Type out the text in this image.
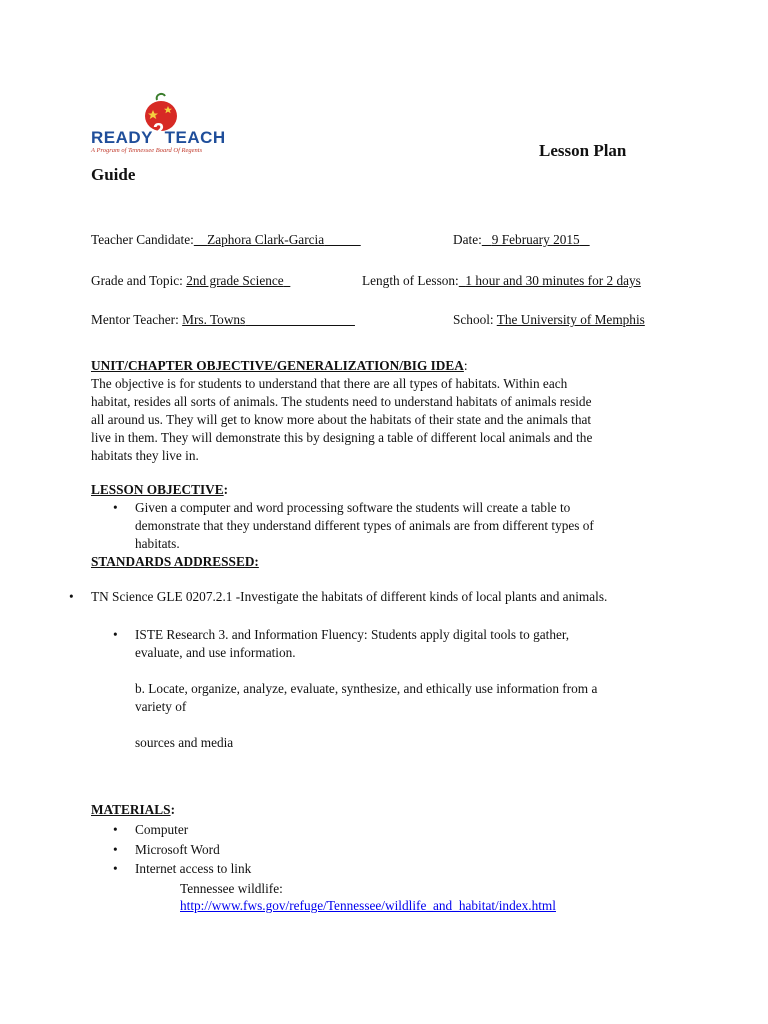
READY2TEACH
A Program of Tennessee Board Of Regents	Lesson Plan
Guide
Teacher Candidate: Zaphora Clark-Garcia	Date: 9 February 2015
Grade and Topic: 2nd grade Science	Length of Lesson: 1 hour and 30 minutes for 2 days
Mentor Teacher: Mrs. Towns	School: The University of Memphis
UNIT/CHAPTER OBJECTIVE/GENERALIZATION/BIG IDEA:
The objective is for students to understand that there are all types of habitats. Within each
habitat, resides all sorts of animals. The students need to understand habitats of animals reside
all around us. They will get to know more about the habitats of their state and the animals that
live in them. They will demonstrate this by designing a table of different local animals and the
habitats they live in.
LESSON OBJECTIVE:
• Given a computer and word processing software the students will create a table to
demonstrate that they understand different types of animals are from different types of
habitats.
STANDARDS ADDRESSED:
• TN Science GLE 0207.2.1 -Investigate the habitats of different kinds of local plants and animals.
• ISTE Research 3. and Information Fluency: Students apply digital tools to gather,
evaluate, and use information.
b. Locate, organize, analyze, evaluate, synthesize, and ethically use information from a
variety of
sources and media
MATERIALS:
• Computer
• Microsoft Word
• Internet access to link
Tennessee wildlife:
http://www.fws.gov/refuge/Tennessee/wildlife_and_habitat/index.html
